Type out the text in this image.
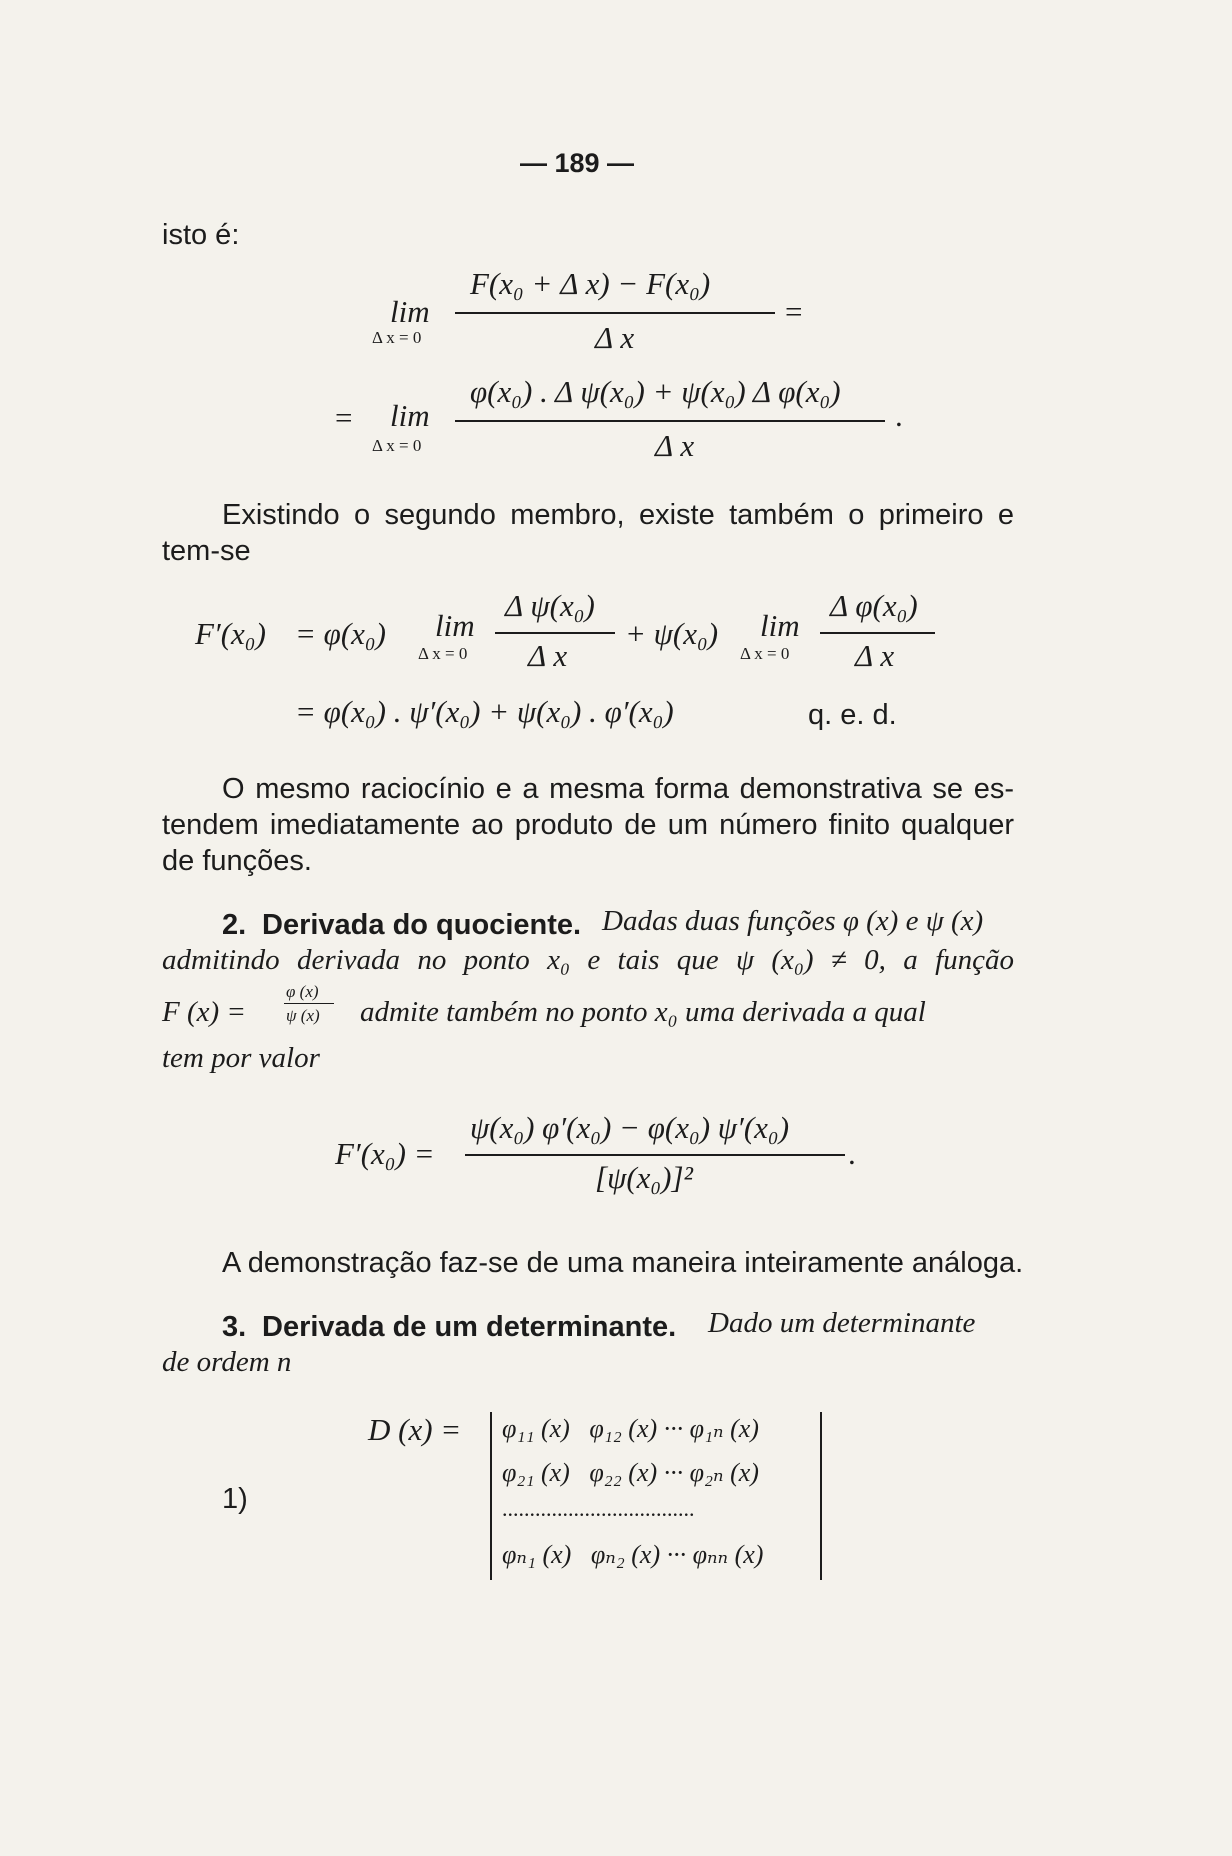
— 189 —
isto é:
lim
Δ x = 0
F(x₀ + Δ x) − F(x₀)
Δ x
=
= lim
Δ x = 0
φ(x₀) . Δ ψ(x₀) + ψ(x₀) Δ φ(x₀)
Δ x
.
Existindo o segundo membro, existe também o primeiro e
tem-se
F′(x₀) = φ(x₀) lim
Δ x = 0
Δ ψ(x₀)
Δ x
+ ψ(x₀) lim
Δ x = 0
Δ φ(x₀)
Δ x
= φ(x₀) . ψ′(x₀) + ψ(x₀) . φ′(x₀)	q. e. d.
O mesmo raciocínio e a mesma forma demonstrativa se es-
tendem imediatamente ao produto de um número finito qualquer
de funções.
2. Derivada do quociente. Dadas duas funções φ (x) e ψ (x)
admitindo derivada no ponto x₀ e tais que ψ (x₀) ≠ 0, a função
F (x) =
φ (x)
ψ (x) admite também no ponto x₀ uma derivada a qual
tem por valor
F′(x₀) =
ψ(x₀) φ′(x₀) − φ(x₀) ψ′(x₀)
[ψ(x₀)]²
.
A demonstração faz-se de uma maneira inteiramente análoga.
3. Derivada de um determinante. Dado um determinante
de ordem n
D (x) =
1)
φ₁₁ (x)   φ₁₂ (x) ··· φ₁ₙ (x)
φ₂₁ (x)   φ₂₂ (x) ··· φ₂ₙ (x)
...................................
φₙ₁ (x)   φₙ₂ (x) ··· φₙₙ (x)
